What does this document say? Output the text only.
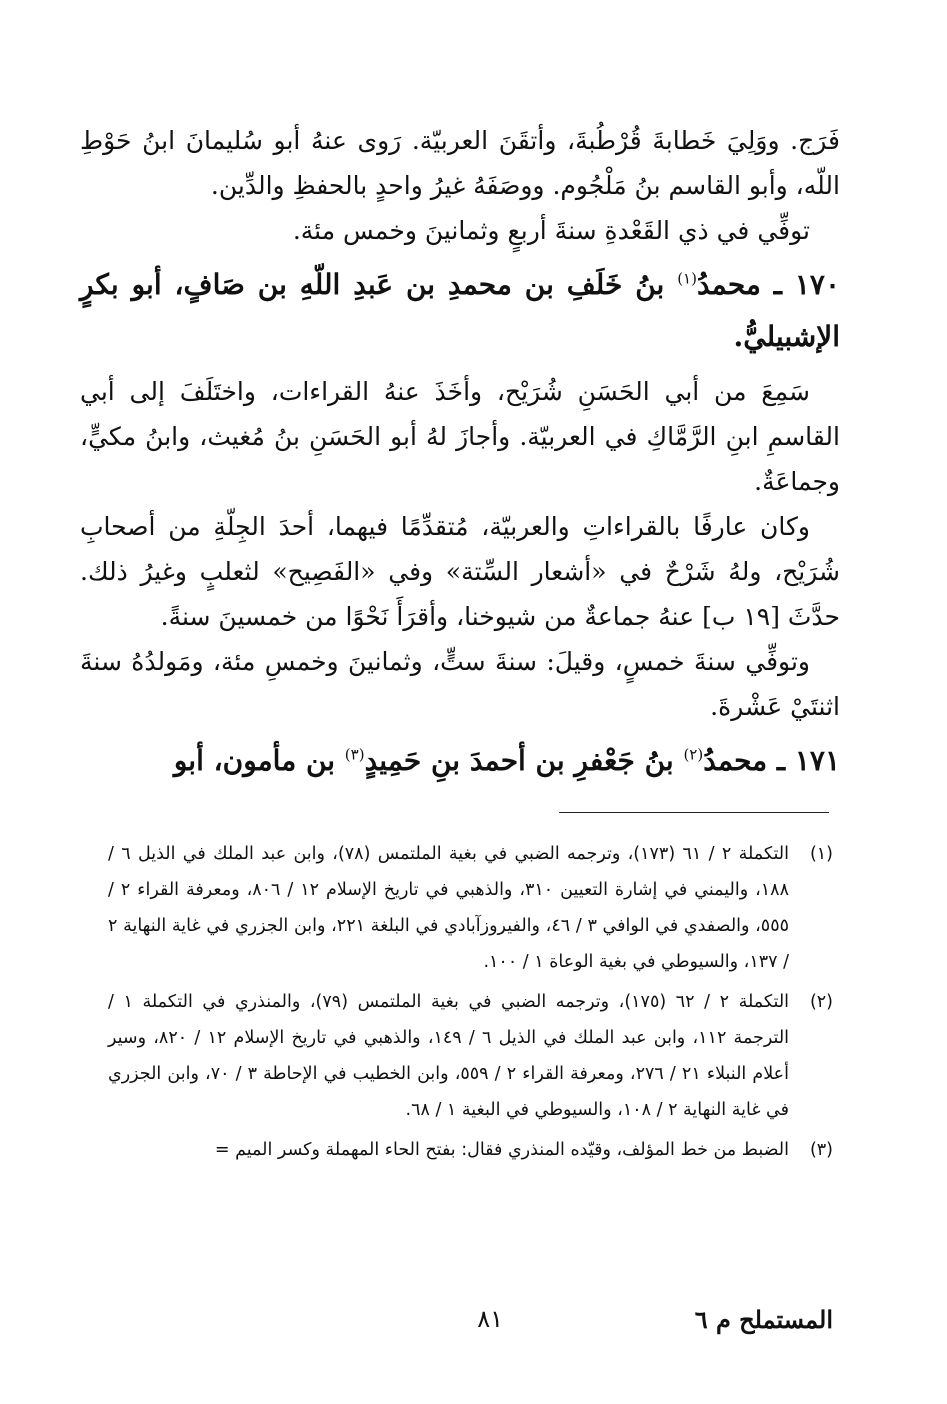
فَرَج. ووَلِيَ خَطابةَ قُرْطُبةَ، وأتقَنَ العربيّة. رَوى عنهُ أبو سُليمانَ ابنُ حَوْطِ اللّه، وأبو القاسم بنُ مَلْجُوم. ووصَفَهُ غيرُ واحدٍ بالحفظِ والدِّين.

توفِّي في ذي القَعْدةِ سنةَ أربعٍ وثمانينَ وخمس مئة.

١٧٠ ـ محمدُ$^{(١)}$ بنُ خَلَفِ بن محمدِ بن عَبدِ اللّهِ بن صَافٍ، أبو بكرٍ الإشبيليُّ.

سَمِعَ من أبي الحَسَنِ شُرَيْح، وأخَذَ عنهُ القراءات، واختَلَفَ إلى أبي القاسمِ ابنِ الرَّمَّاكِ في العربيّة. وأجازَ لهُ أبو الحَسَنِ بنُ مُغيث، وابنُ مكيٍّ، وجماعَةٌ.

وكان عارفًا بالقراءاتِ والعربيّة، مُتقدِّمًا فيهما، أحدَ الجِلّةِ من أصحابِ شُرَيْح، ولهُ شَرْحٌ في «أشعار السِّتة» وفي «الفَصِيح» لثعلبٍ وغيرُ ذلك. حدَّثَ [١٩ ب] عنهُ جماعةٌ من شيوخنا، وأقرَأَ نَحْوًا من خمسينَ سنةً.

وتوفِّي سنةَ خمسٍ، وقيلَ: سنةَ ستٍّ، وثمانينَ وخمسِ مئة، ومَولدُهُ سنةَ اثنتَيْ عَشْرةَ.

١٧١ ـ محمدُ$^{(٢)}$ بنُ جَعْفرِ بن أحمدَ بنِ حَمِيدٍ$^{(٣)}$ بن مأمون، أبو

(١)
التكملة ٢ / ٦١ (١٧٣)، وترجمه الضبي في بغية الملتمس (٧٨)، وابن عبد الملك في الذيل ٦ / ١٨٨، واليمني في إشارة التعيين ٣١٠، والذهبي في تاريخ الإسلام ١٢ / ٨٠٦، ومعرفة القراء ٢ / ٥٥٥، والصفدي في الوافي ٣ / ٤٦، والفيروزآبادي في البلغة ٢٢١، وابن الجزري في غاية النهاية ٢ / ١٣٧، والسيوطي في بغية الوعاة ١ / ١٠٠.
(٢)
التكملة ٢ / ٦٢ (١٧٥)، وترجمه الضبي في بغية الملتمس (٧٩)، والمنذري في التكملة ١ / الترجمة ١١٢، وابن عبد الملك في الذيل ٦ / ١٤٩، والذهبي في تاريخ الإسلام ١٢ / ٨٢٠، وسير أعلام النبلاء ٢١ / ٢٧٦، ومعرفة القراء ٢ / ٥٥٩، وابن الخطيب في الإحاطة ٣ / ٧٠، وابن الجزري في غاية النهاية ٢ / ١٠٨، والسيوطي في البغية ١ / ٦٨.
(٣)
الضبط من خط المؤلف، وقيّده المنذري فقال: بفتح الحاء المهملة وكسر الميم =
المستملح م ٦
٨١
